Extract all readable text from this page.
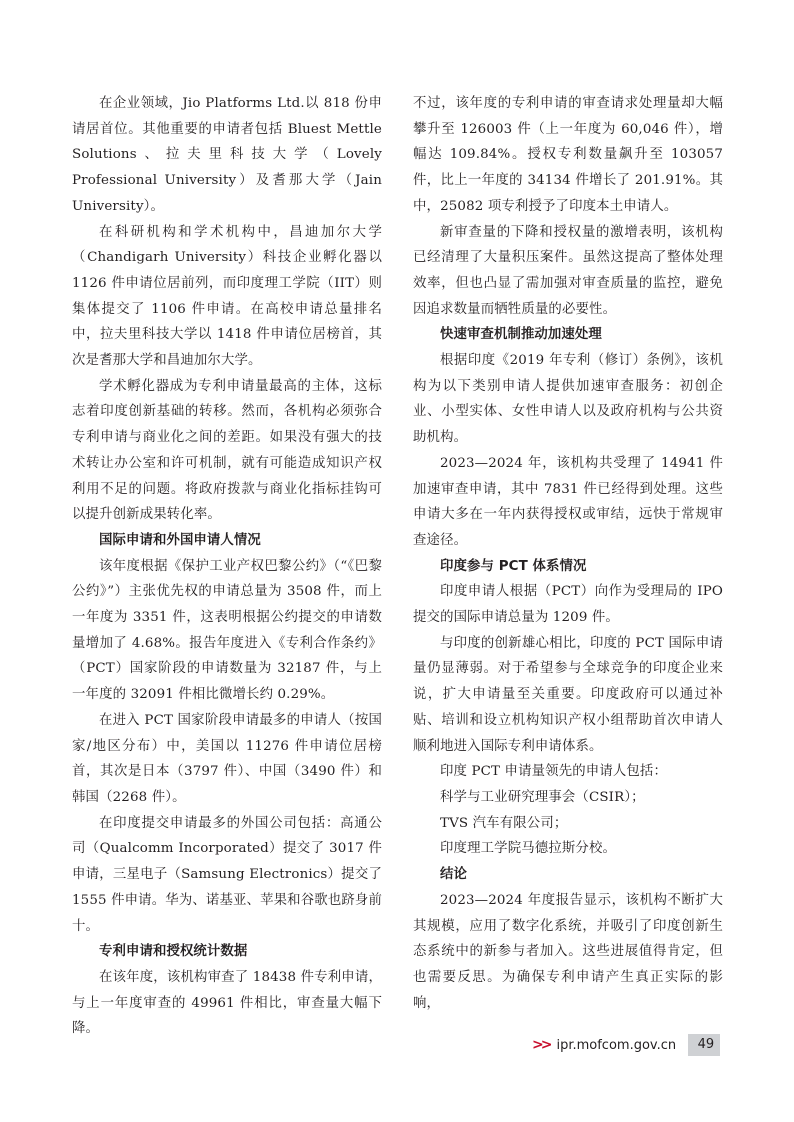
在企业领域，Jio Platforms Ltd.以 818 份申请居首位。其他重要的申请者包括 Bluest Mettle Solutions、拉夫里科技大学（Lovely Professional University）及耆那大学（Jain University）。

在科研机构和学术机构中，昌迪加尔大学（Chandigarh University）科技企业孵化器以 1126 件申请位居前列，而印度理工学院（IIT）则集体提交了 1106 件申请。在高校申请总量排名中，拉夫里科技大学以 1418 件申请位居榜首，其次是耆那大学和昌迪加尔大学。

学术孵化器成为专利申请量最高的主体，这标志着印度创新基础的转移。然而，各机构必须弥合专利申请与商业化之间的差距。如果没有强大的技术转让办公室和许可机制，就有可能造成知识产权利用不足的问题。将政府拨款与商业化指标挂钩可以提升创新成果转化率。

国际申请和外国申请人情况

该年度根据《保护工业产权巴黎公约》（“《巴黎公约》”）主张优先权的申请总量为 3508 件，而上一年度为 3351 件，这表明根据公约提交的申请数量增加了 4.68%。报告年度进入《专利合作条约》（PCT）国家阶段的申请数量为 32187 件，与上一年度的 32091 件相比微增长约 0.29%。

在进入 PCT 国家阶段申请最多的申请人（按国家/地区分布）中，美国以 11276 件申请位居榜首，其次是日本（3797 件）、中国（3490 件）和韩国（2268 件）。

在印度提交申请最多的外国公司包括：高通公司（Qualcomm Incorporated）提交了 3017 件申请，三星电子（Samsung Electronics）提交了 1555 件申请。华为、诺基亚、苹果和谷歌也跻身前十。

专利申请和授权统计数据

在该年度，该机构审查了 18438 件专利申请，与上一年度审查的 49961 件相比，审查量大幅下降。

不过，该年度的专利申请的审查请求处理量却大幅攀升至 126003 件（上一年度为 60,046 件），增幅达 109.84%。授权专利数量飙升至 103057 件，比上一年度的 34134 件增长了 201.91%。其中，25082 项专利授予了印度本土申请人。

新审查量的下降和授权量的激增表明，该机构已经清理了大量积压案件。虽然这提高了整体处理效率，但也凸显了需加强对审查质量的监控，避免因追求数量而牺牲质量的必要性。

快速审查机制推动加速处理

根据印度《2019 年专利（修订）条例》，该机构为以下类别申请人提供加速审查服务：初创企业、小型实体、女性申请人以及政府机构与公共资助机构。

2023—2024 年，该机构共受理了 14941 件加速审查申请，其中 7831 件已经得到处理。这些申请大多在一年内获得授权或审结，远快于常规审查途径。

印度参与 PCT 体系情况

印度申请人根据（PCT）向作为受理局的 IPO 提交的国际申请总量为 1209 件。

与印度的创新雄心相比，印度的 PCT 国际申请量仍显薄弱。对于希望参与全球竞争的印度企业来说，扩大申请量至关重要。印度政府可以通过补贴、培训和设立机构知识产权小组帮助首次申请人顺利地进入国际专利申请体系。

印度 PCT 申请量领先的申请人包括：

科学与工业研究理事会（CSIR）；

TVS 汽车有限公司；

印度理工学院马德拉斯分校。

结论

2023—2024 年度报告显示，该机构不断扩大其规模，应用了数字化系统，并吸引了印度创新生态系统中的新参与者加入。这些进展值得肯定，但也需要反思。为确保专利申请产生真正实际的影响，

>> ipr.mofcom.gov.cn	49
